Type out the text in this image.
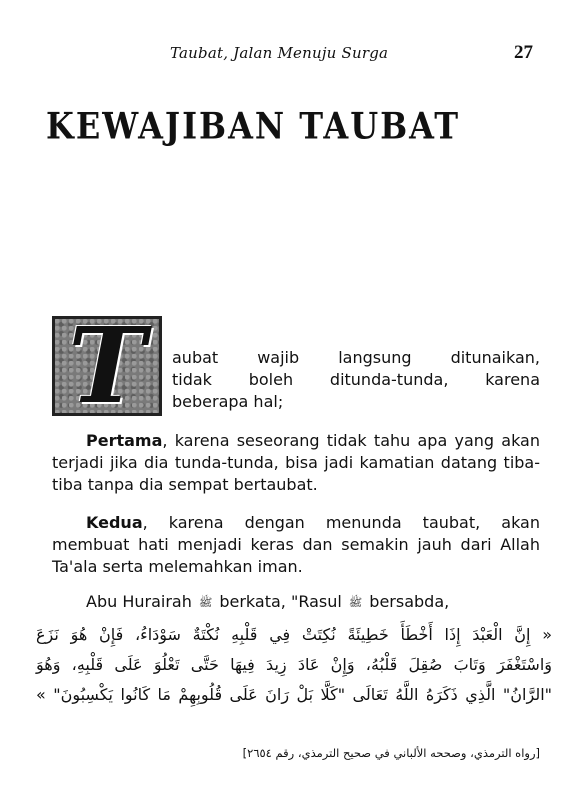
Taubat, Jalan Menuju Surga	27
KEWAJIBAN TAUBAT
T	aubat wajib langsung ditunaikan,
tidak boleh ditunda-tunda, karena
beberapa hal;

Pertama, karena seseorang tidak tahu apa yang akan terjadi jika dia tunda-tunda, bisa jadi kamatian datang tiba-tiba tanpa dia sempat bertaubat.

Kedua, karena dengan menunda taubat, akan membuat hati menjadi keras dan semakin jauh dari Allah Ta'ala serta melemahkan iman.

Abu Hurairah ﷺ berkata, "Rasul ﷺ bersabda,

« إِنَّ الْعَبْدَ إِذَا أَخْطَأَ خَطِيئَةً نُكِتَتْ فِي قَلْبِهِ نُكْتَةٌ سَوْدَاءُ، فَإِنْ هُوَ نَزَعَ
وَاسْتَغْفَرَ وَتَابَ صُقِلَ قَلْبُهُ، وَإِنْ عَادَ زِيدَ فِيهَا حَتَّى تَعْلُوَ عَلَى قَلْبِهِ، وَهُوَ
"الرَّانُ" الَّذِي ذَكَرَهُ اللَّهُ تَعَالَى "كَلَّا بَلْ رَانَ عَلَى قُلُوبِهِمْ مَا كَانُوا يَكْسِبُونَ" »

[رواه الترمذي، وصححه الألباني في صحيح الترمذي، رقم ٢٦٥٤]
